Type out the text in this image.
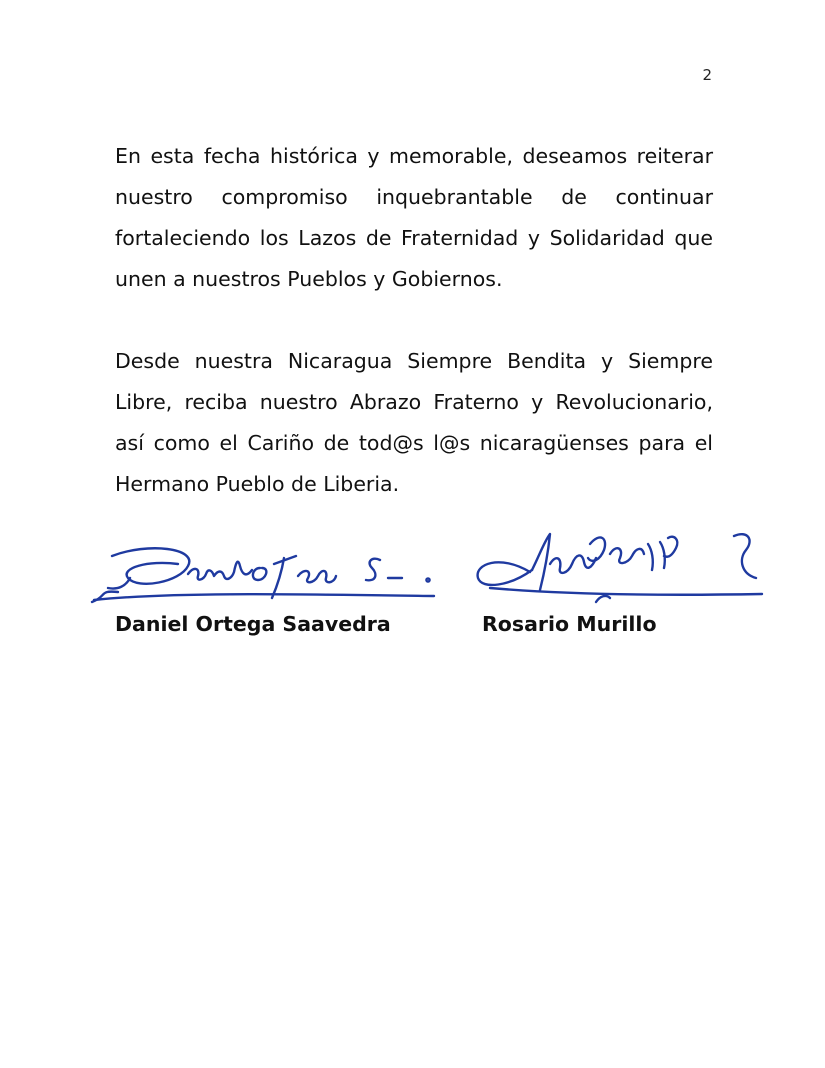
2

En esta fecha histórica y memorable, deseamos reiterar nuestro compromiso inquebrantable de continuar fortaleciendo los Lazos de Fraternidad y Solidaridad que unen a nuestros Pueblos y Gobiernos.

Desde nuestra Nicaragua Siempre Bendita y Siempre Libre, reciba nuestro Abrazo Fraterno y Revolucionario, así como el Cariño de tod@s l@s nicaragüenses para el Hermano Pueblo de Liberia.

Daniel Ortega Saavedra	Rosario Murillo
